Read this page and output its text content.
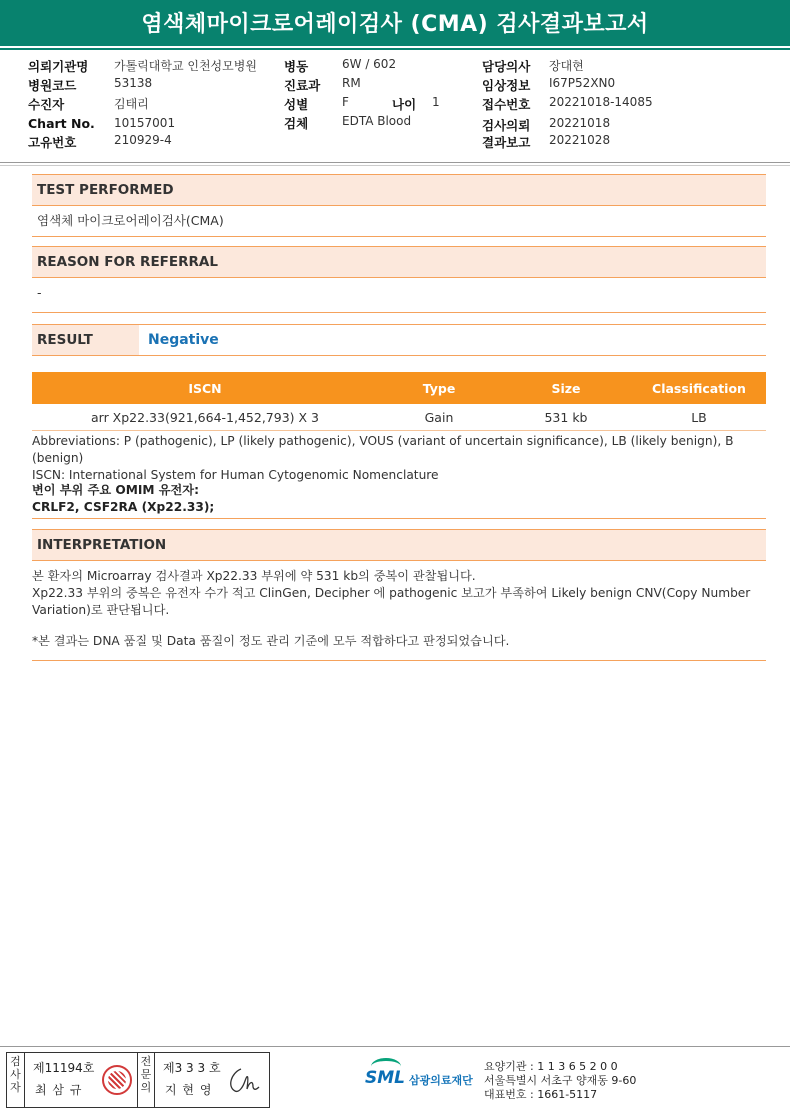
염색체마이크로어레이검사 (CMA) 검사결과보고서
의뢰기관명 가톨릭대학교 인천성모병원
병원코드	53138
수진자	김태리
Chart No. 10157001
고유번호	210929-4
병동	6W / 602
진료과 RM
성별	F	나이 1
검체	EDTA Blood
담당의사 장대현
임상정보 I67P52XN0
접수번호 20221018-14085
검사의뢰 20221018
결과보고 20221028
TEST PERFORMED
염색체 마이크로어레이검사(CMA)
REASON FOR REFERRAL
-
RESULT	Negative
ISCN	Type	Size	Classification
arr Xp22.33(921,664-1,452,793) X 3	Gain	531 kb	LB
Abbreviations: P (pathogenic), LP (likely pathogenic), VOUS (variant of uncertain significance), LB (likely benign), B (benign)
ISCN: International System for Human Cytogenomic Nomenclature
변이 부위 주요 OMIM 유전자:
CRLF2, CSF2RA (Xp22.33);
INTERPRETATION

본 환자의 Microarray 검사결과 Xp22.33 부위에 약 531 kb의 중복이 관찰됩니다.

Xp22.33 부위의 중복은 유전자 수가 적고 ClinGen, Decipher 에 pathogenic 보고가 부족하여 Likely benign CNV(Copy Number

Variation)로 판단됩니다.

*본 결과는 DNA 품질 및 Data 품질이 정도 관리 기준에 모두 적합하다고 판정되었습니다.

검사자
제11194호
최 삼 규
전문의
제3 3 3 호
지 현 영
SML 삼광의료재단
요양기관 : 1 1 3 6 5 2 0 0
서울특별시 서초구 양재동 9-60
대표번호 : 1661-5117
